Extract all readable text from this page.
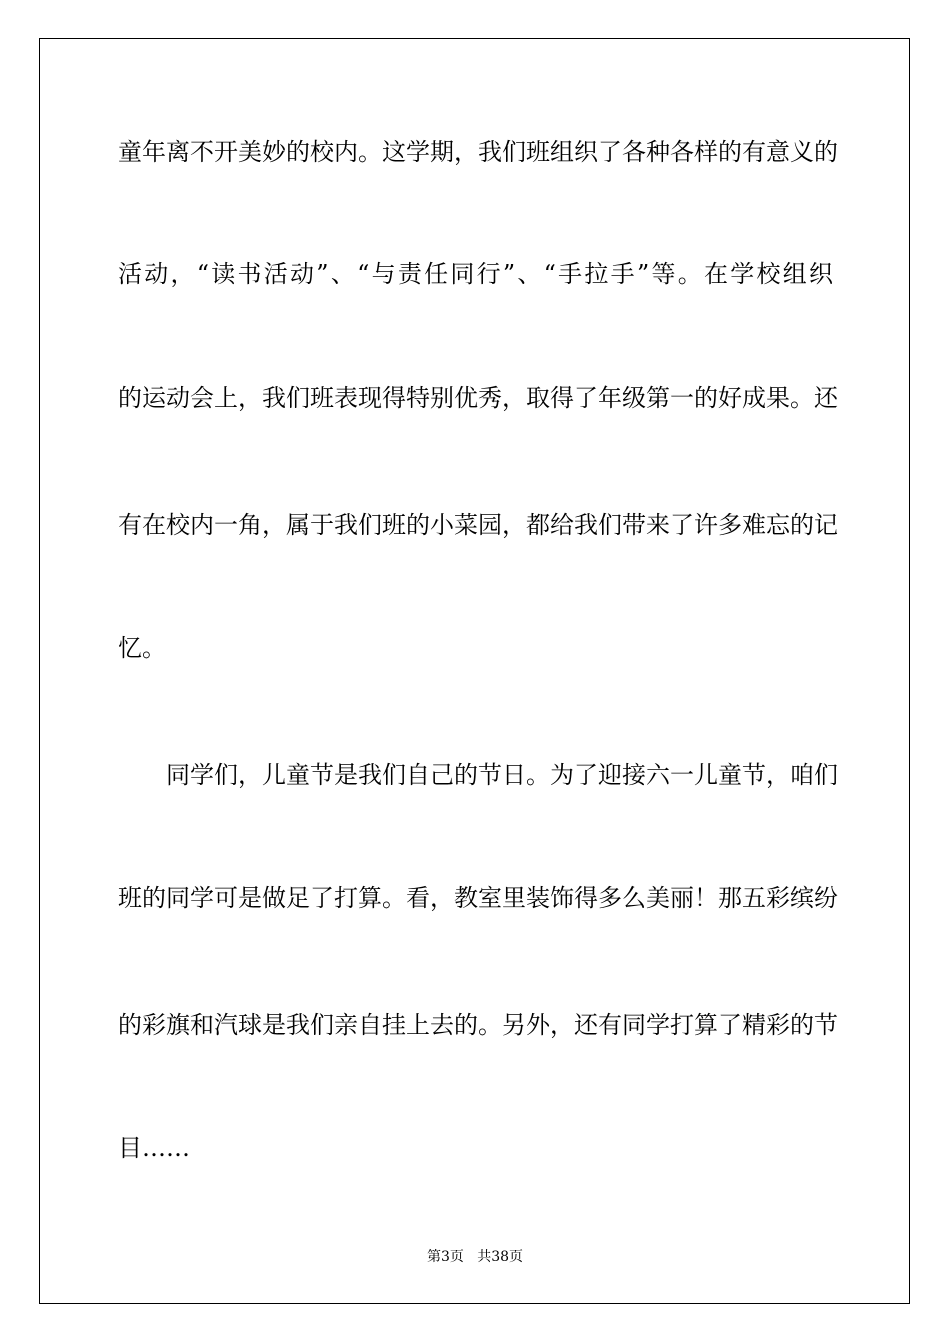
童年离不开美妙的校内。这学期，我们班组织了各种各样的有意义的
活动，“读书活动”、“与责任同行”、“手拉手”等。在学校组织
的运动会上，我们班表现得特别优秀，取得了年级第一的好成果。还
有在校内一角，属于我们班的小菜园，都给我们带来了许多难忘的记
忆。
同学们，儿童节是我们自己的节日。为了迎接六一儿童节，咱们
班的同学可是做足了打算。看，教室里装饰得多么美丽！那五彩缤纷
的彩旗和汽球是我们亲自挂上去的。另外，还有同学打算了精彩的节
目……
第3页   共38页
